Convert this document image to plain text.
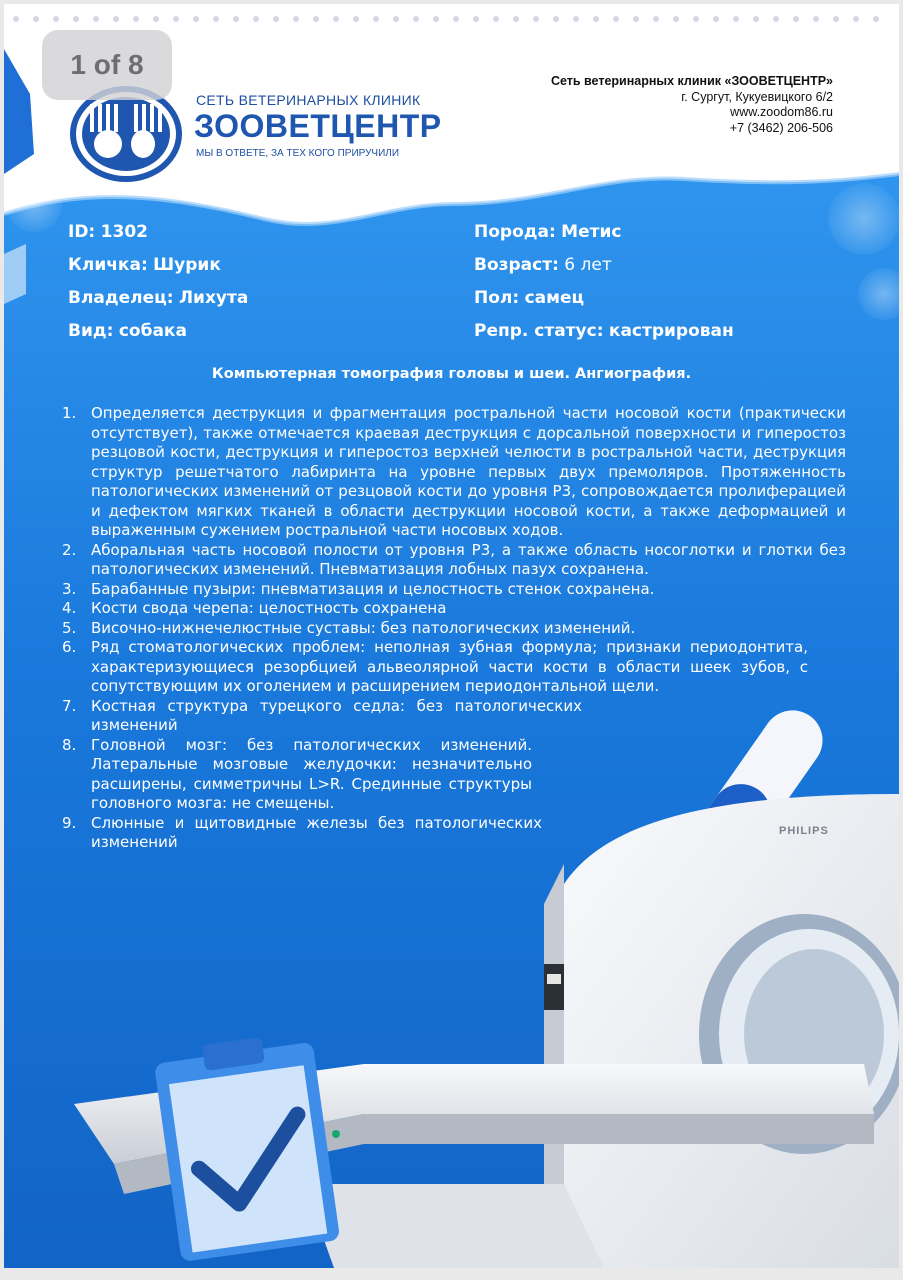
PHILIPS
СЕТЬ ВЕТЕРИНАРНЫХ КЛИНИК
ЗООВЕТЦЕНТР
МЫ В ОТВЕТЕ, ЗА ТЕХ КОГО ПРИРУЧИЛИ
Сеть ветеринарных клиник «ЗООВЕТЦЕНТР»
г. Сургут, Кукуевицкого 6/2
www.zoodom86.ru
+7 (3462) 206-506
ID: 1302
Кличка: Шурик
Владелец: Лихута
Вид: собака
Порода: Метис
Возраст: 6 лет
Пол: самец
Репр. статус: кастрирован
Компьютерная томография головы и шеи. Ангиография.
1. Определяется деструкция и фрагментация ростральной части носовой кости (практически отсутствует), также отмечается краевая деструкция с дорсальной поверхности и гиперостоз резцовой кости, деструкция и гиперостоз верхней челюсти в ростральной части, деструкция структур решетчатого лабиринта на уровне первых двух премоляров. Протяженность патологических изменений от резцовой кости до уровня Р3, сопровождается пролиферацией и дефектом мягких тканей в области деструкции носовой кости, а также деформацией и выраженным сужением ростральной части носовых ходов.
2. Аборальная часть носовой полости от уровня Р3, а также область носоглотки и глотки без патологических изменений. Пневматизация лобных пазух сохранена.
3. Барабанные пузыри: пневматизация и целостность стенок сохранена.
4. Кости свода черепа: целостность сохранена
5. Височно-нижнечелюстные суставы: без патологических изменений.
6. Ряд стоматологических проблем: неполная зубная формула; признаки периодонтита, характеризующиеся резорбцией альвеолярной части кости в области шеек зубов, с сопутствующим их оголением и расширением периодонтальной щели.
7. Костная структура турецкого седла: без патологических изменений
8. Головной мозг: без патологических изменений. Латеральные мозговые желудочки: незначительно расширены, симметричны L>R. Срединные структуры головного мозга: не смещены.
9. Слюнные и щитовидные железы без патологических изменений
1 of 8
